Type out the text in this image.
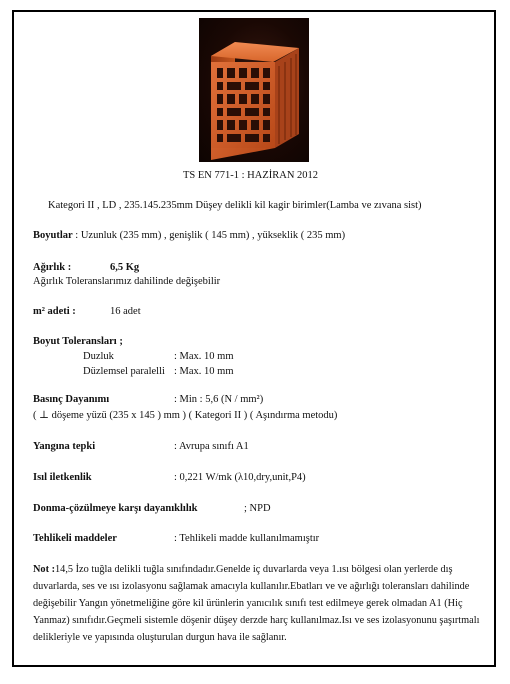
TS EN 771-1 : HAZİRAN 2012
Kategori II , LD , 235.145.235mm Düşey delikli kil kagir birimler(Lamba ve zıvana sist)
Boyutlar : Uzunluk (235 mm) , genişlik ( 145 mm) , yükseklik ( 235 mm)
Ağırlık :	6,5 Kg
Ağırlık Toleranslarımız dahilinde değişebilir
m² adeti :	16 adet
Boyut Toleransları ;
Duzluk	: Max. 10 mm
Düzlemsel paralelli : Max. 10 mm
Basınç Dayanımı	: Min : 5,6 (N / mm²)
( ⊥ döşeme yüzü (235 x 145 ) mm ) ( Kategori II ) ( Aşındırma metodu)
Yangına tepki	: Avrupa sınıfı A1
Isıl iletkenlik	: 0,221 W/mk (λ10,dry,unit,P4)
Donma-çözülmeye karşı dayanıklılık	; NPD
Tehlikeli maddeler	: Tehlikeli madde kullanılmamıştır
Not :14,5 İzo tuğla delikli tuğla sınıfındadır.Genelde iç duvarlarda veya 1.ısı bölgesi olan yerlerde dış duvarlarda, ses ve ısı izolasyonu sağlamak amacıyla kullanılır.Ebatları ve ve ağırlığı toleransları dahilinde değişebilir Yangın yönetmeliğine göre kil ürünlerin yanıcılık sınıfı test edilmeye gerek olmadan A1 (Hiç Yanmaz) sınıfıdır.Geçmeli sistemle döşenir düşey derzde harç kullanılmaz.Isı ve ses izolasyonunu şaşırtmalı delikleriyle ve yapısında oluşturulan durgun hava ile sağlanır.
